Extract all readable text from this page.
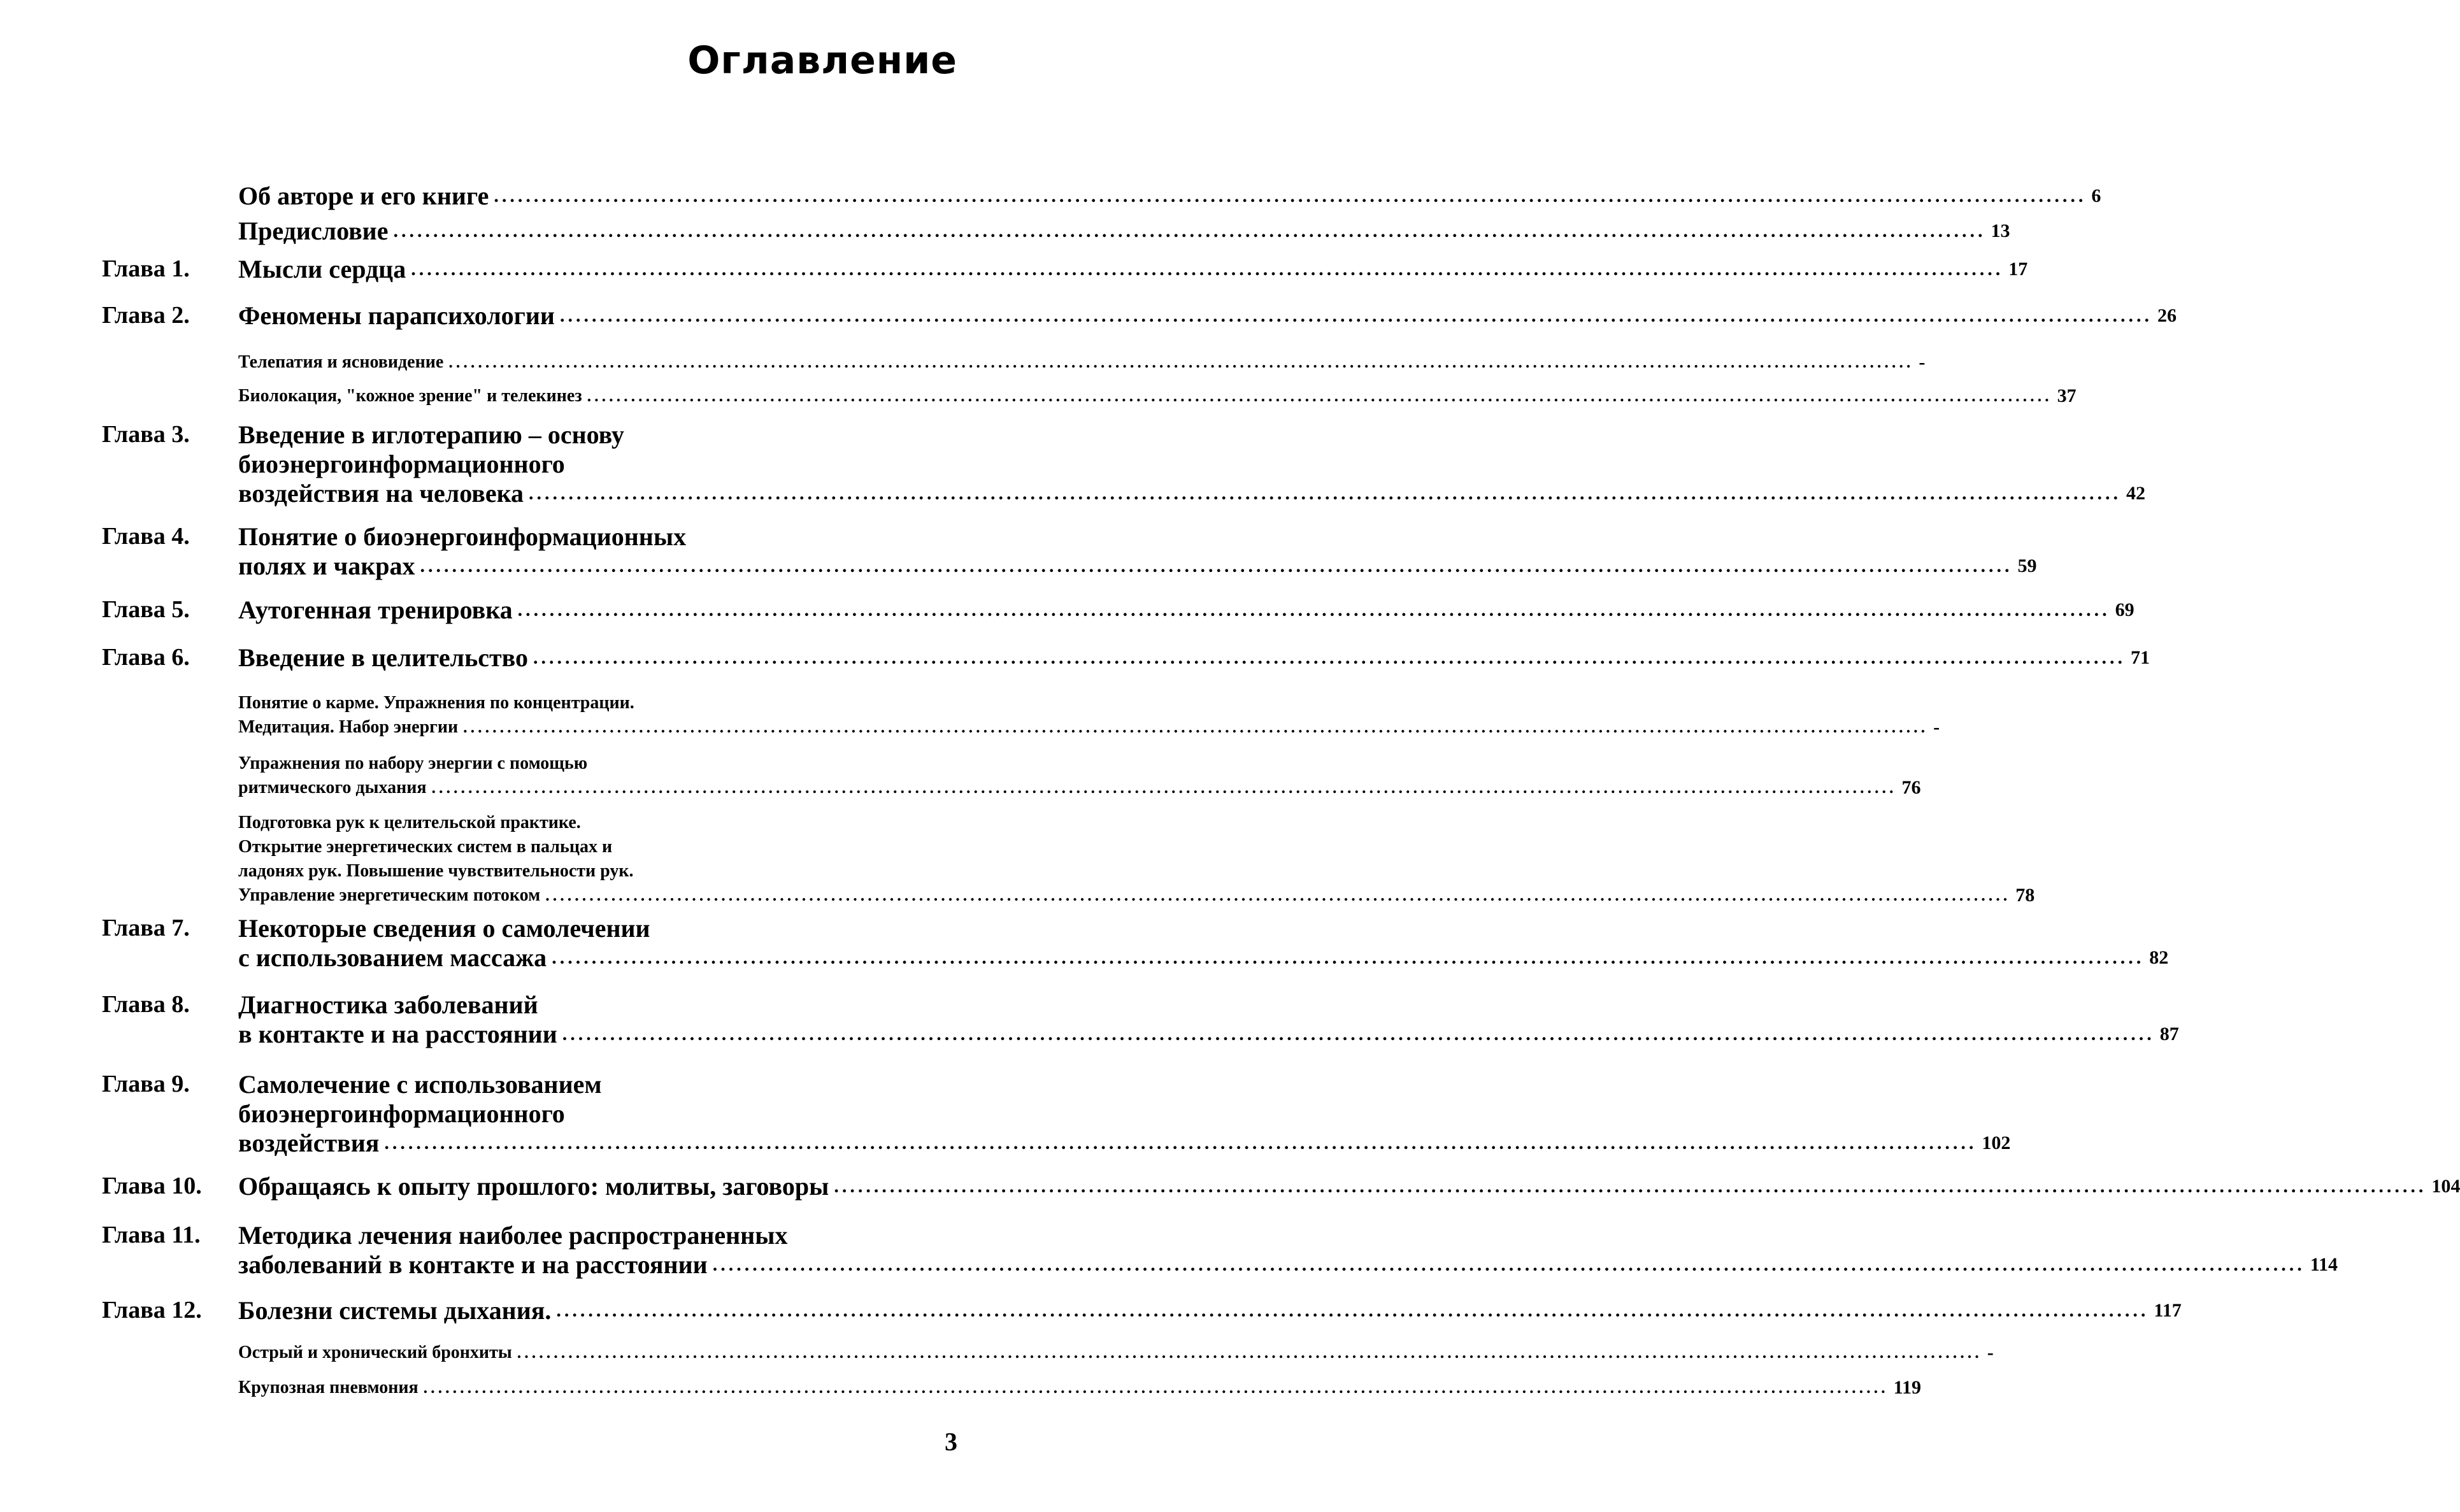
Оглавление
Об авторе и его книге ........................................................................................................................................................................................................ 6
Предисловие ........................................................................................................................................................................................................ 13
Глава 1. Мысли сердца ........................................................................................................................................................................................................ 17
Глава 2. Феномены парапсихологии ........................................................................................................................................................................................................ 26
Телепатия и ясновидение ........................................................................................................................................................................................................ -
Биолокация, "кожное зрение" и телекинез ........................................................................................................................................................................................................ 37
Глава 3. Введение в иглотерапию – основу
биоэнергоинформационного
воздействия на человека ........................................................................................................................................................................................................ 42
Глава 4. Понятие о биоэнергоинформационных
полях и чакрах ........................................................................................................................................................................................................ 59
Глава 5. Аутогенная тренировка ........................................................................................................................................................................................................ 69
Глава 6. Введение в целительство ........................................................................................................................................................................................................ 71
Понятие о карме. Упражнения по концентрации.
Медитация. Набор энергии ........................................................................................................................................................................................................ -
Упражнения по набору энергии с помощью
ритмического дыхания ........................................................................................................................................................................................................ 76
Подготовка рук к целительской практике.
Открытие энергетических систем в пальцах и
ладонях рук. Повышение чувствительности рук.
Управление энергетическим потоком ........................................................................................................................................................................................................ 78
Глава 7. Некоторые сведения о самолечении
с использованием массажа ........................................................................................................................................................................................................ 82
Глава 8. Диагностика заболеваний
в контакте и на расстоянии ........................................................................................................................................................................................................ 87
Глава 9. Самолечение с использованием
биоэнергоинформационного
воздействия ........................................................................................................................................................................................................ 102
Глава 10. Обращаясь к опыту прошлого: молитвы, заговоры ........................................................................................................................................................................................................ 104
Глава 11. Методика лечения наиболее распространенных
заболеваний в контакте и на расстоянии ........................................................................................................................................................................................................ 114
Глава 12. Болезни системы дыхания. ........................................................................................................................................................................................................ 117
Острый и хронический бронхиты ........................................................................................................................................................................................................ -
Крупозная пневмония ........................................................................................................................................................................................................ 119
3
